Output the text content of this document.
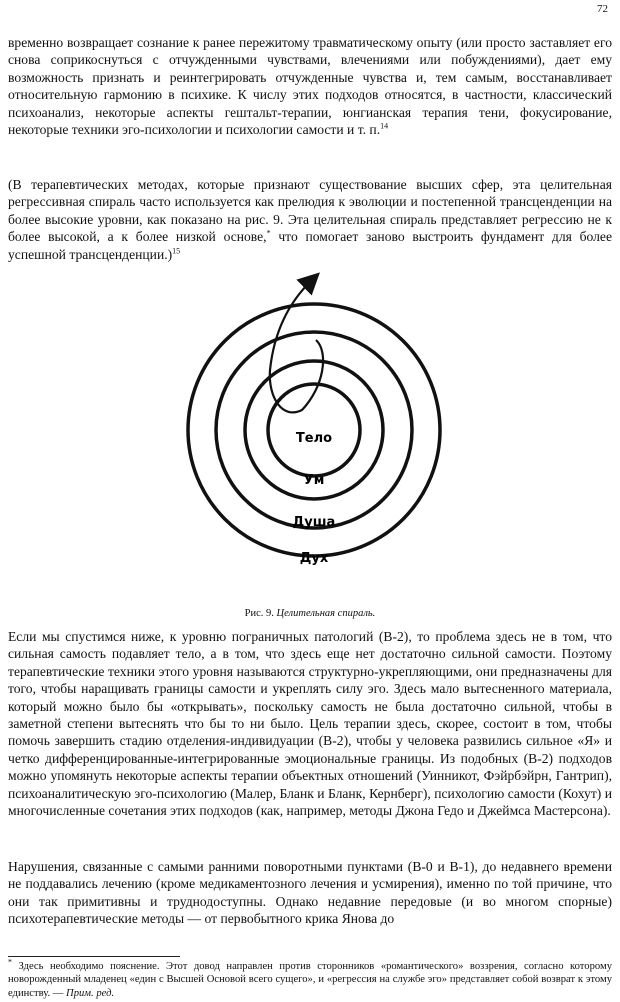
72

временно возвращает сознание к ранее пережитому травматическому опыту (или просто заставляет его снова соприкоснуться с отчужденными чувствами, влечениями или побуждениями), дает ему возможность признать и реинтегрировать отчужденные чувства и, тем самым, восстанавливает относительную гармонию в психике. К числу этих подходов относятся, в частности, классический психоанализ, некоторые аспекты гештальт-терапии, юнгианская терапия тени, фокусирование, некоторые техники эго-психологии и психологии самости и т. п.$^{14}$

(В терапевтических методах, которые признают существование высших сфер, эта целительная регрессивная спираль часто используется как прелюдия к эволюции и постепенной трансценденции на более высокие уровни, как показано на рис. 9. Эта целительная спираль представляет регрессию не к более высокой, а к более низкой основе,* что помогает заново выстроить фундамент для более успешной трансценденции.)$^{15}$

Тело
Ум
Душа
Дух
Рис. 9. Целительная спираль.

Если мы спустимся ниже, к уровню пограничных патологий (В-2), то проблема здесь не в том, что сильная самость подавляет тело, а в том, что здесь еще нет достаточно сильной самости. Поэтому терапевтические техники этого уровня называются структурно-укрепляющими, они предназначены для того, чтобы наращивать границы самости и укреплять силу эго. Здесь мало вытесненного материала, который можно было бы «открывать», поскольку самость не была достаточно сильной, чтобы в заметной степени вытеснять что бы то ни было. Цель терапии здесь, скорее, состоит в том, чтобы помочь завершить стадию отделения-индивидуации (В-2), чтобы у человека развились сильное «Я» и четко дифференцированные-интегрированные эмоциональные границы. Из подобных (В-2) подходов можно упомянуть некоторые аспекты терапии объектных отношений (Уинникот, Фэйрбэйрн, Гантрип), психоаналитическую эго-психологию (Малер, Бланк и Бланк, Кернберг), психологию самости (Кохут) и многочисленные сочетания этих подходов (как, например, методы Джона Гедо и Джеймса Мастерсона).

Нарушения, связанные с самыми ранними поворотными пунктами (В-0 и В-1), до недавнего времени не поддавались лечению (кроме медикаментозного лечения и усмирения), именно по той причине, что они так примитивны и труднодоступны. Однако недавние передовые (и во многом спорные) психотерапевтические методы — от первобытного крика Янова до

* Здесь необходимо пояснение. Этот довод направлен против сторонников «романтического» воззрения, согласно которому новорожденный младенец «един с Высшей Основой всего сущего», и «регрессия на службе эго» представляет собой возврат к этому единству. — Прим. ред.
